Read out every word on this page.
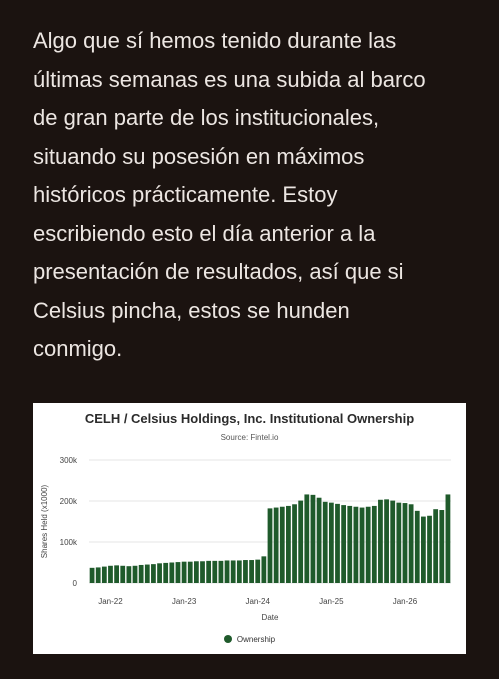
Algo que sí hemos tenido durante las
últimas semanas es una subida al barco
de gran parte de los institucionales,
situando su posesión en máximos
históricos prácticamente. Estoy
escribiendo esto el día anterior a la
presentación de resultados, así que si
Celsius pincha, estos se hunden
conmigo.

0
100k
200k
300k
Shares Held (x1000)
Jan-22	Jan-23	Jan-24	Jan-25	Jan-26
Date
CELH / Celsius Holdings, Inc. Institutional Ownership
Source: Fintel.io
Ownership
